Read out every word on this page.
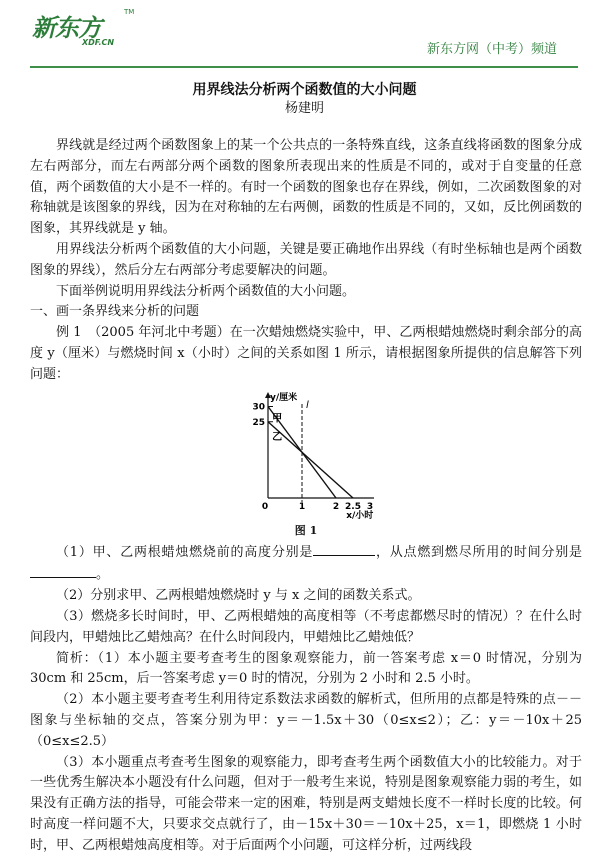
新东方
TM
XDF.CN	新东方网（中考）频道
用界线法分析两个函数值的大小问题
杨建明

界线就是经过两个函数图象上的某一个公共点的一条特殊直线，这条直线将函数的图象分成左右两部分，而左右两部分两个函数的图象所表现出来的性质是不同的，或对于自变量的任意值，两个函数值的大小是不一样的。有时一个函数的图象也存在界线，例如，二次函数图象的对称轴就是该图象的界线，因为在对称轴的左右两侧，函数的性质是不同的，又如，反比例函数的图象，其界线就是 y 轴。

用界线法分析两个函数值的大小问题，关键是要正确地作出界线（有时坐标轴也是两个函数图象的界线），然后分左右两部分考虑要解决的问题。

下面举例说明用界线法分析两个函数值的大小问题。

一、画一条界线来分析的问题

例 1　（2005 年河北中考题）在一次蜡烛燃烧实验中，甲、乙两根蜡烛燃烧时剩余部分的高度 y（厘米）与燃烧时间 x（小时）之间的关系如图 1 所示，请根据图象所提供的信息解答下列问题：

y/厘米
x/小时
l
甲
乙
30
25
0	1	2 2.5 3

图 1

（1）甲、乙两根蜡烛燃烧前的高度分别是	，从点燃到燃尽所用的时间分别是。

（2）分别求甲、乙两根蜡烛燃烧时 y 与 x 之间的函数关系式。

（3）燃烧多长时间时，甲、乙两根蜡烛的高度相等（不考虑都燃尽时的情况）？在什么时间段内，甲蜡烛比乙蜡烛高？在什么时间段内，甲蜡烛比乙蜡烛低？

简析：（1）本小题主要考查考生的图象观察能力，前一答案考虑 x＝0 时情况，分别为 30cm 和 25cm，后一答案考虑 y＝0 时的情况，分别为 2 小时和 2.5 小时。

（2）本小题主要考查考生利用待定系数法求函数的解析式，但所用的点都是特殊的点－－图象与坐标轴的交点，答案分别为甲：y＝－1.5x＋30（0≤x≤2）；乙：y＝－10x＋25（0≤x≤2.5）

（3）本小题重点考查考生图象的观察能力，即考查考生两个函数值大小的比较能力。对于一些优秀生解决本小题没有什么问题，但对于一般考生来说，特别是图象观察能力弱的考生，如果没有正确方法的指导，可能会带来一定的困难，特别是两支蜡烛长度不一样时长度的比较。何时高度一样问题不大，只要求交点就行了，由－15x＋30＝－10x＋25，x＝1，即燃烧 1 小时时，甲、乙两根蜡烛高度相等。对于后面两个小问题，可这样分析，过两线段
